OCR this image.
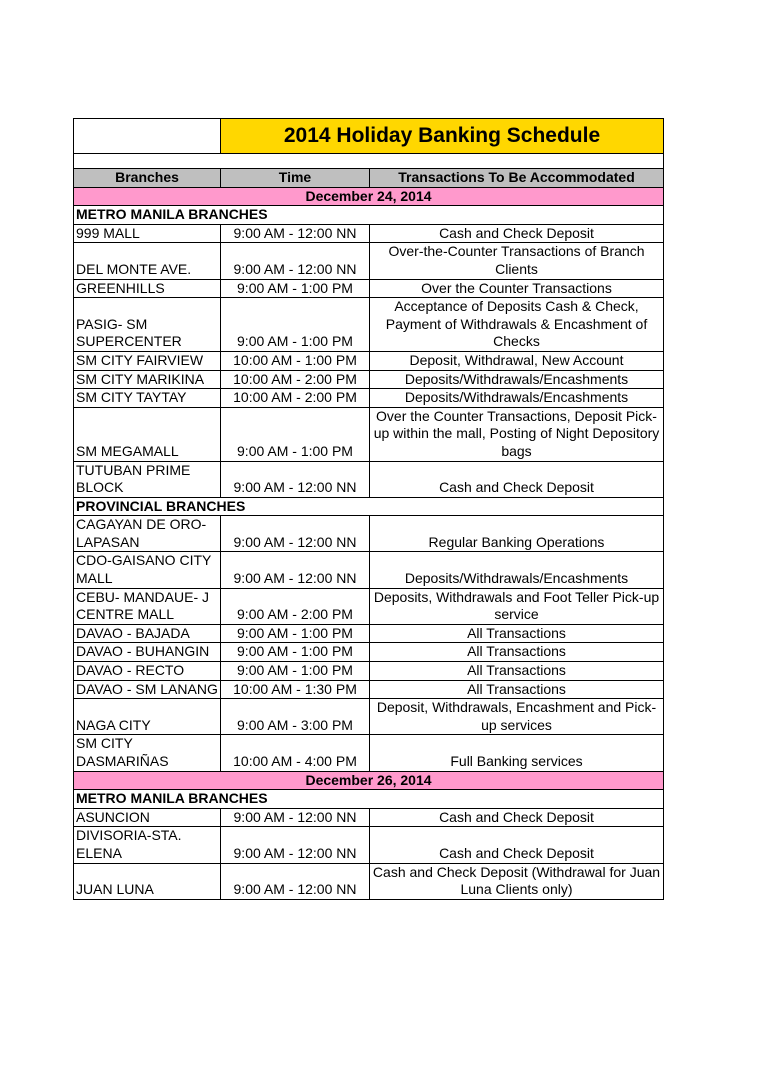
	2014 Holiday Banking Schedule	

Branches	Time	Transactions To Be Accommodated
December 24, 2014		
METRO MANILA BRANCHES		
999 MALL	9:00 AM - 12:00 NN	Cash and Check Deposit
DEL MONTE AVE.	9:00 AM - 12:00 NN	Over-the-Counter Transactions of Branch Clients
GREENHILLS	9:00 AM - 1:00 PM	Over the Counter Transactions
PASIG- SM SUPERCENTER	9:00 AM - 1:00 PM	Acceptance of Deposits Cash & Check, Payment of Withdrawals & Encashment of Checks
SM CITY FAIRVIEW	10:00 AM - 1:00 PM	Deposit, Withdrawal, New Account
SM CITY MARIKINA	10:00 AM - 2:00 PM	Deposits/Withdrawals/Encashments
SM CITY TAYTAY	10:00 AM - 2:00 PM	Deposits/Withdrawals/Encashments
SM MEGAMALL	9:00 AM - 1:00 PM	Over the Counter Transactions, Deposit Pick-up within the mall, Posting of Night Depository bags
TUTUBAN PRIME BLOCK	9:00 AM - 12:00 NN	Cash and Check Deposit
PROVINCIAL BRANCHES		
CAGAYAN DE ORO-LAPASAN	9:00 AM - 12:00 NN	Regular Banking Operations
CDO-GAISANO CITY MALL	9:00 AM - 12:00 NN	Deposits/Withdrawals/Encashments
CEBU- MANDAUE- J CENTRE MALL	9:00 AM - 2:00 PM	Deposits, Withdrawals and Foot Teller Pick-up service
DAVAO - BAJADA	9:00 AM - 1:00 PM	All Transactions
DAVAO - BUHANGIN	9:00 AM - 1:00 PM	All Transactions
DAVAO - RECTO	9:00 AM - 1:00 PM	All Transactions
DAVAO - SM LANANG	10:00 AM - 1:30 PM	All Transactions
NAGA CITY	9:00 AM - 3:00 PM	Deposit, Withdrawals, Encashment and Pick-up services
SM CITY DASMARIÑAS	10:00 AM - 4:00 PM	Full Banking services
December 26, 2014		
METRO MANILA BRANCHES		
ASUNCION	9:00 AM - 12:00 NN	Cash and Check Deposit
DIVISORIA-STA. ELENA	9:00 AM - 12:00 NN	Cash and Check Deposit
JUAN LUNA	9:00 AM - 12:00 NN	Cash and Check Deposit (Withdrawal for Juan Luna Clients only)
